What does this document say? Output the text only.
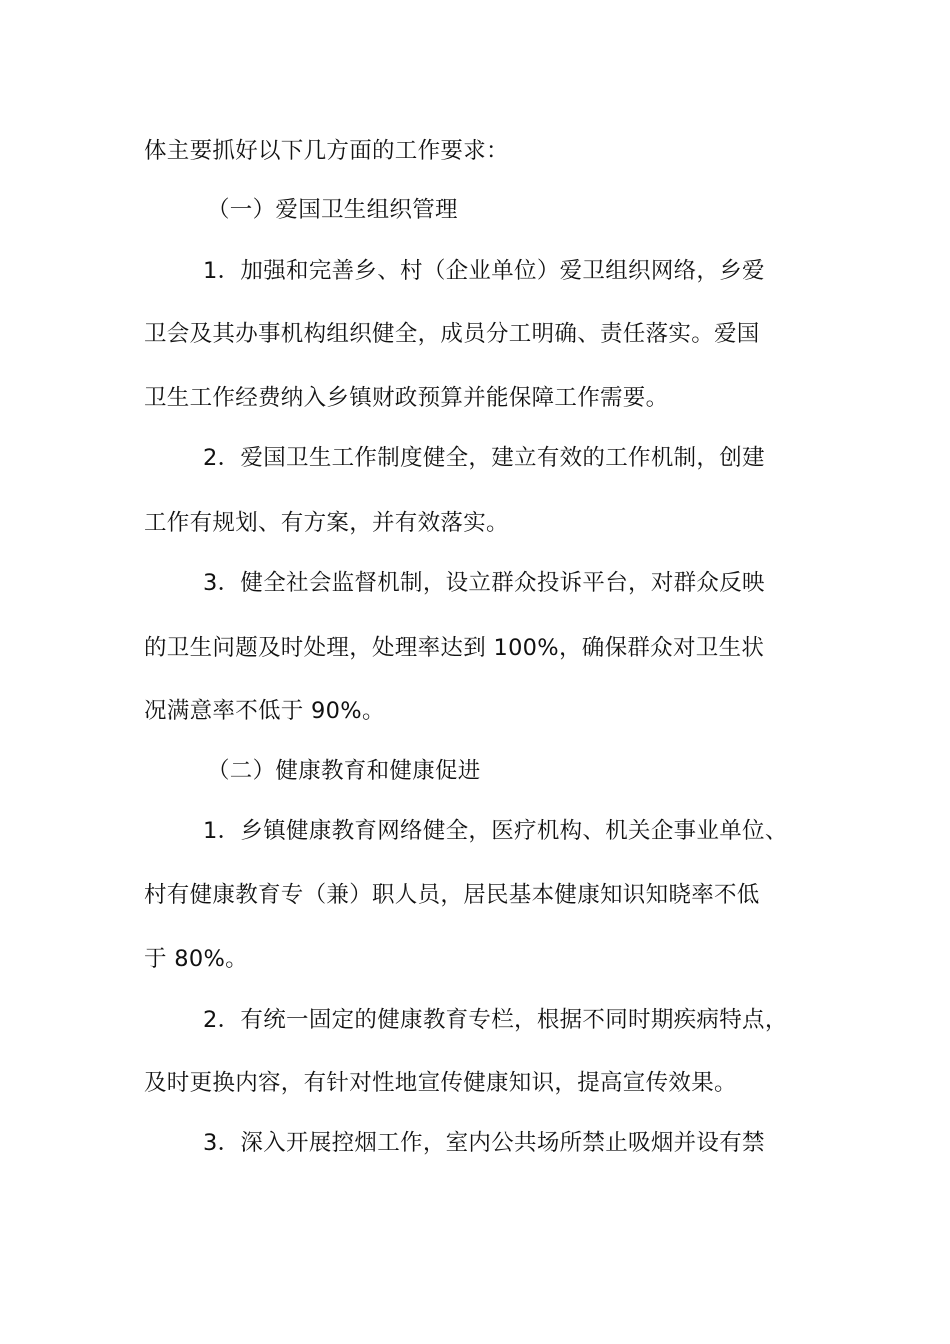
体主要抓好以下几方面的工作要求：
（一）爱国卫生组织管理
1．加强和完善乡、村（企业单位）爱卫组织网络，乡爱
卫会及其办事机构组织健全，成员分工明确、责任落实。爱国
卫生工作经费纳入乡镇财政预算并能保障工作需要。
2．爱国卫生工作制度健全，建立有效的工作机制，创建
工作有规划、有方案，并有效落实。
3．健全社会监督机制，设立群众投诉平台，对群众反映
的卫生问题及时处理，处理率达到 100%，确保群众对卫生状
况满意率不低于 90%。
（二）健康教育和健康促进
1．乡镇健康教育网络健全，医疗机构、机关企事业单位、
村有健康教育专（兼）职人员，居民基本健康知识知晓率不低
于 80%。
2．有统一固定的健康教育专栏，根据不同时期疾病特点，
及时更换内容，有针对性地宣传健康知识，提高宣传效果。
3．深入开展控烟工作，室内公共场所禁止吸烟并设有禁
